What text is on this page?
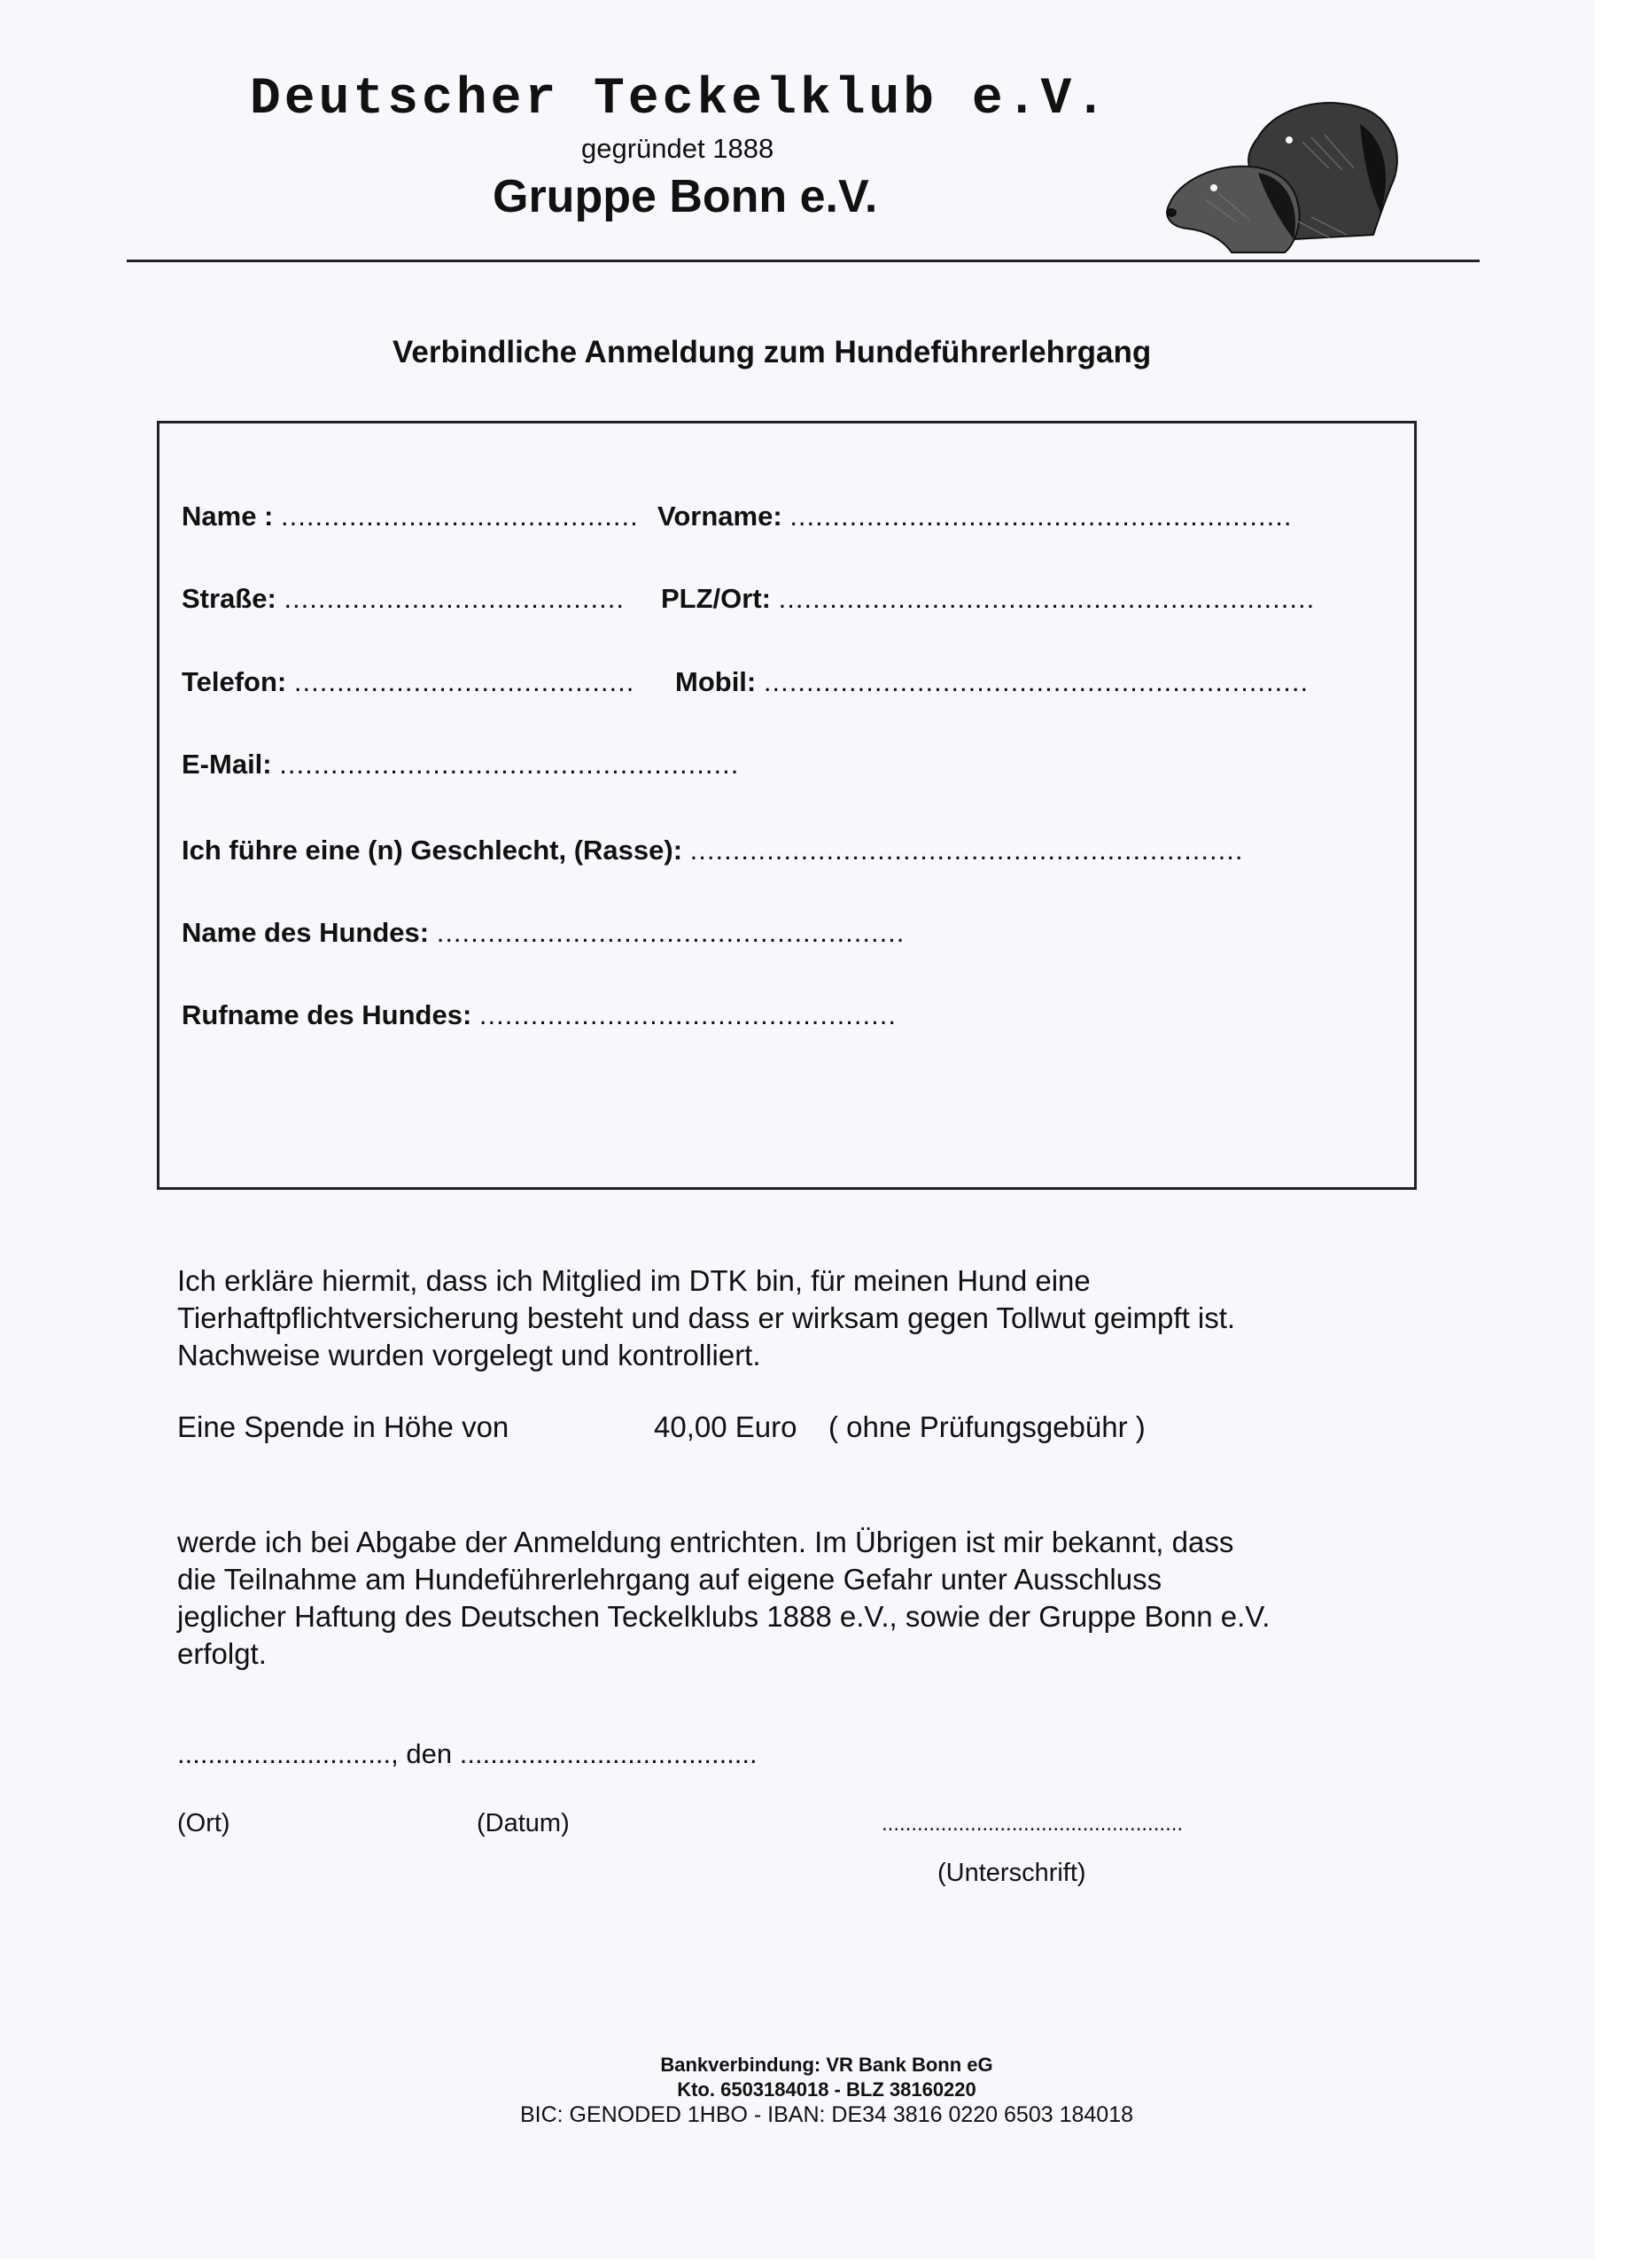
Deutscher Teckelklub e.V.
gegründet 1888
Gruppe Bonn e.V.
Verbindliche Anmeldung zum Hundeführerlehrgang
Name : .......................................... Vorname: ...........................................................
Straße: ........................................ PLZ/Ort: ...............................................................
Telefon: ........................................ Mobil: ................................................................
E-Mail: ......................................................
Ich führe eine (n) Geschlecht, (Rasse): .................................................................
Name des Hundes: .......................................................
Rufname des Hundes: .................................................

Ich erkläre hiermit, dass ich Mitglied im DTK bin, für meinen Hund eine

Tierhaftpflichtversicherung besteht und dass er wirksam gegen Tollwut geimpft ist.

Nachweise wurden vorgelegt und kontrolliert.

Eine Spende in Höhe von	40,00 Euro ( ohne Prüfungsgebühr )

werde ich bei Abgabe der Anmeldung entrichten. Im Übrigen ist mir bekannt, dass

die Teilnahme am Hundeführerlehrgang auf eigene Gefahr unter Ausschluss

jeglicher Haftung des Deutschen Teckelklubs 1888 e.V., sowie der Gruppe Bonn e.V.

erfolgt.

............................, den .......................................
(Ort)	(Datum)	...................................................
(Unterschrift)
Bankverbindung: VR Bank Bonn eG
Kto. 6503184018 - BLZ 38160220
BIC: GENODED 1HBO - IBAN: DE34 3816 0220 6503 184018
